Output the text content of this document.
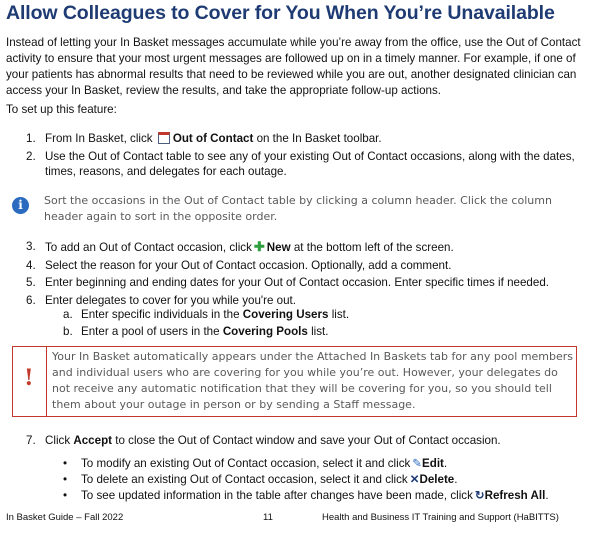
Allow Colleagues to Cover for You When You’re Unavailable

Instead of letting your In Basket messages accumulate while you’re away from the office, use the Out of Contact activity to ensure that your most urgent messages are followed up on in a timely manner. For example, if one of your patients has abnormal results that need to be reviewed while you are out, another designated clinician can access your In Basket, review the results, and take the appropriate follow-up actions.

To set up this feature:

1. From In Basket, click Out of Contact on the In Basket toolbar.
2. Use the Out of Contact table to see any of your existing Out of Contact occasions, along with the dates, times, reasons, and delegates for each outage.
i	Sort the occasions in the Out of Contact table by clicking a column header. Click the column header again to sort in the opposite order.
3. To add an Out of Contact occasion, click ✚ New at the bottom left of the screen.
4. Select the reason for your Out of Contact occasion. Optionally, add a comment.
5. Enter beginning and ending dates for your Out of Contact occasion. Enter specific times if needed.
6. Enter delegates to cover for you while you're out.
a. Enter specific individuals in the Covering Users list.
b. Enter a pool of users in the Covering Pools list.
!
Your In Basket automatically appears under the Attached In Baskets tab for any pool members and individual users who are covering for you while you’re out. However, your delegates do not receive any automatic notification that they will be covering for you, so you should tell them about your outage in person or by sending a Staff message.
7. Click Accept to close the Out of Contact window and save your Out of Contact occasion.
• To modify an existing Out of Contact occasion, select it and click ✎Edit.
• To delete an existing Out of Contact occasion, select it and click ✕Delete.
• To see updated information in the table after changes have been made, click ↻Refresh All.
In Basket Guide – Fall 2022	11	Health and Business IT Training and Support (HaBITTS)
